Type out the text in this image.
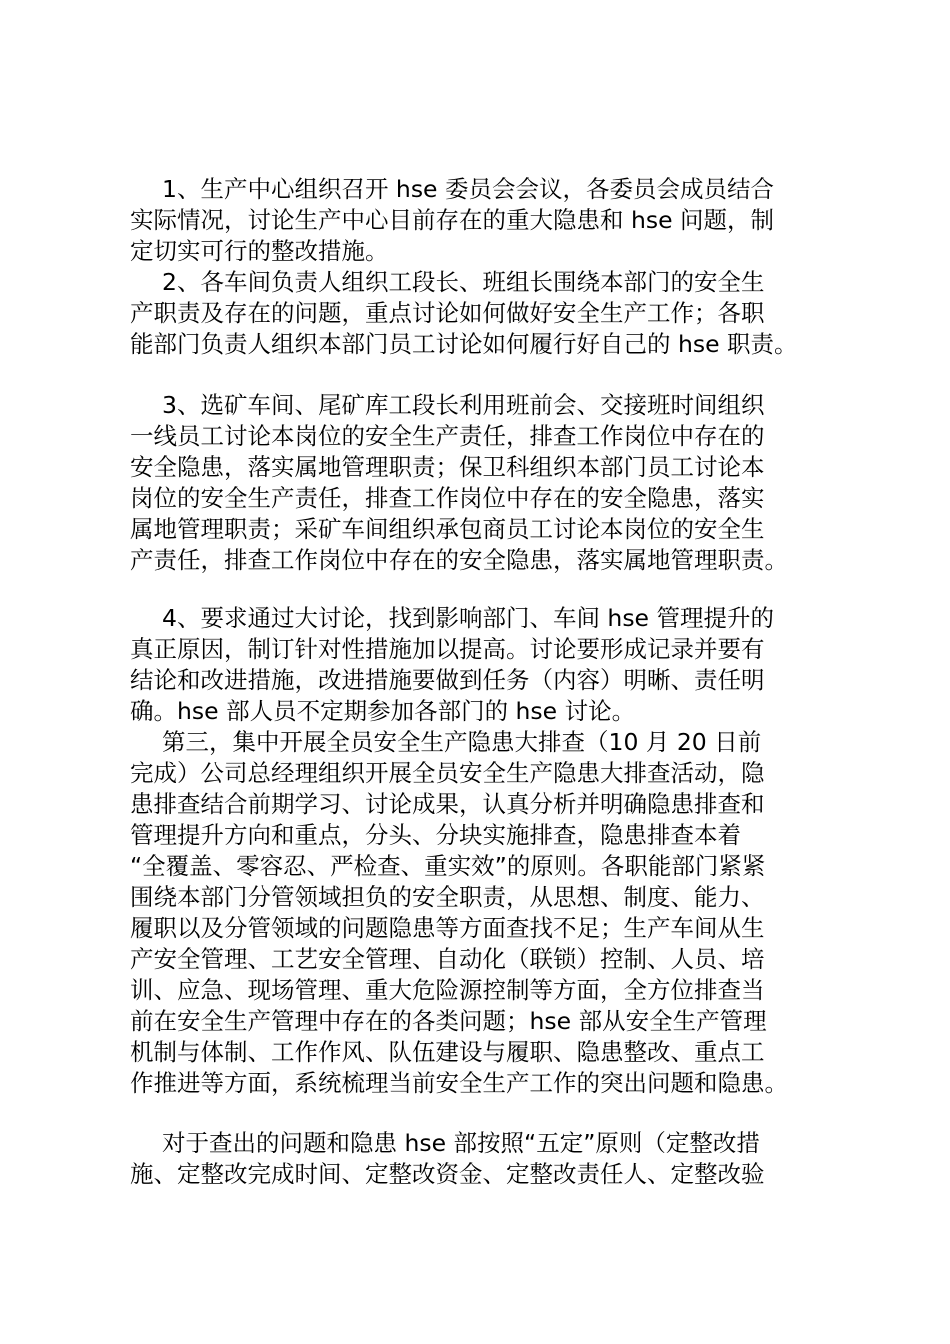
1、生产中心组织召开 hse 委员会会议，各委员会成员结合
实际情况，讨论生产中心目前存在的重大隐患和 hse 问题，制
定切实可行的整改措施。
2、各车间负责人组织工段长、班组长围绕本部门的安全生
产职责及存在的问题，重点讨论如何做好安全生产工作；各职
能部门负责人组织本部门员工讨论如何履行好自己的 hse 职责。
3、选矿车间、尾矿库工段长利用班前会、交接班时间组织
一线员工讨论本岗位的安全生产责任，排查工作岗位中存在的
安全隐患，落实属地管理职责；保卫科组织本部门员工讨论本
岗位的安全生产责任，排查工作岗位中存在的安全隐患，落实
属地管理职责；采矿车间组织承包商员工讨论本岗位的安全生
产责任，排查工作岗位中存在的安全隐患，落实属地管理职责。
4、要求通过大讨论，找到影响部门、车间 hse 管理提升的
真正原因，制订针对性措施加以提高。讨论要形成记录并要有
结论和改进措施，改进措施要做到任务（内容）明晰、责任明
确。hse 部人员不定期参加各部门的 hse 讨论。
第三，集中开展全员安全生产隐患大排查（10 月 20 日前
完成）公司总经理组织开展全员安全生产隐患大排查活动，隐
患排查结合前期学习、讨论成果，认真分析并明确隐患排查和
管理提升方向和重点，分头、分块实施排查，隐患排查本着
“全覆盖、零容忍、严检查、重实效”的原则。各职能部门紧紧
围绕本部门分管领域担负的安全职责，从思想、制度、能力、
履职以及分管领域的问题隐患等方面查找不足；生产车间从生
产安全管理、工艺安全管理、自动化（联锁）控制、人员、培
训、应急、现场管理、重大危险源控制等方面，全方位排查当
前在安全生产管理中存在的各类问题；hse 部从安全生产管理
机制与体制、工作作风、队伍建设与履职、隐患整改、重点工
作推进等方面，系统梳理当前安全生产工作的突出问题和隐患。
对于查出的问题和隐患 hse 部按照“五定”原则（定整改措
施、定整改完成时间、定整改资金、定整改责任人、定整改验
